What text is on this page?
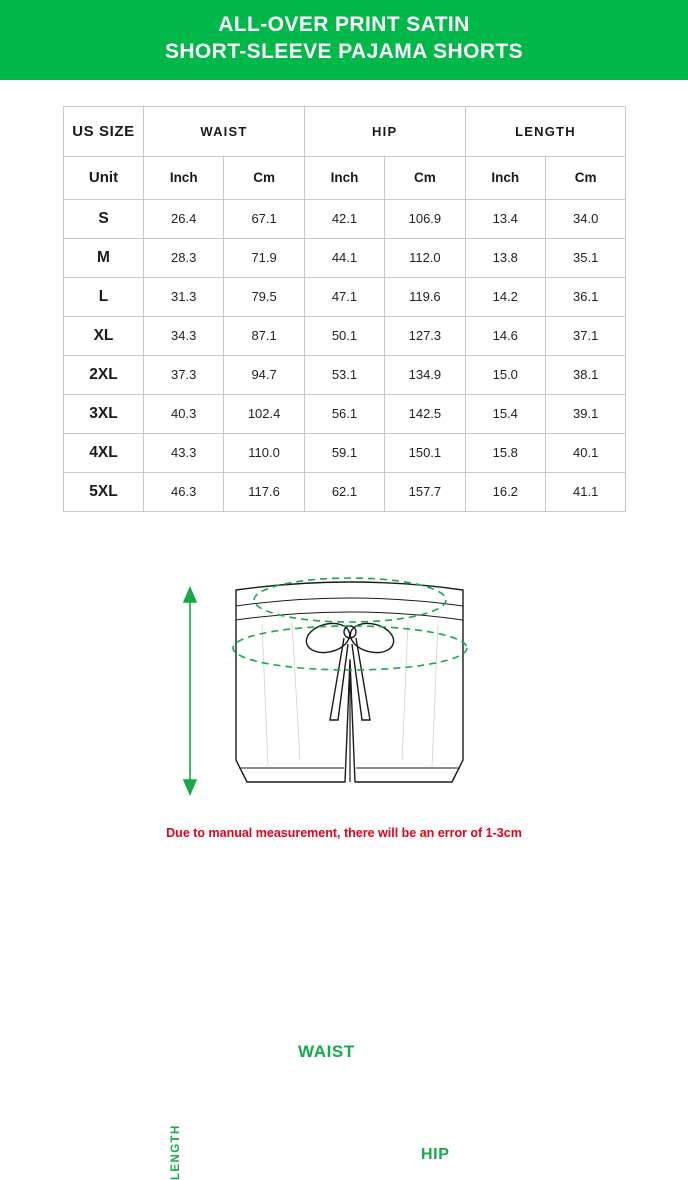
ALL-OVER PRINT SATIN
SHORT-SLEEVE PAJAMA SHORTS
US SIZE	WAIST		HIP		LENGTH	
Unit	Inch	Cm	Inch	Cm	Inch	Cm
S	26.4	67.1	42.1	106.9	13.4	34.0
M	28.3	71.9	44.1	112.0	13.8	35.1
L	31.3	79.5	47.1	119.6	14.2	36.1
XL	34.3	87.1	50.1	127.3	14.6	37.1
2XL	37.3	94.7	53.1	134.9	15.0	38.1
3XL	40.3	102.4	56.1	142.5	15.4	39.1
4XL	43.3	110.0	59.1	150.1	15.8	40.1
5XL	46.3	117.6	62.1	157.7	16.2	41.1
WAIST
HIP
LENGTH
Due to manual measurement, there will be an error of 1-3cm
